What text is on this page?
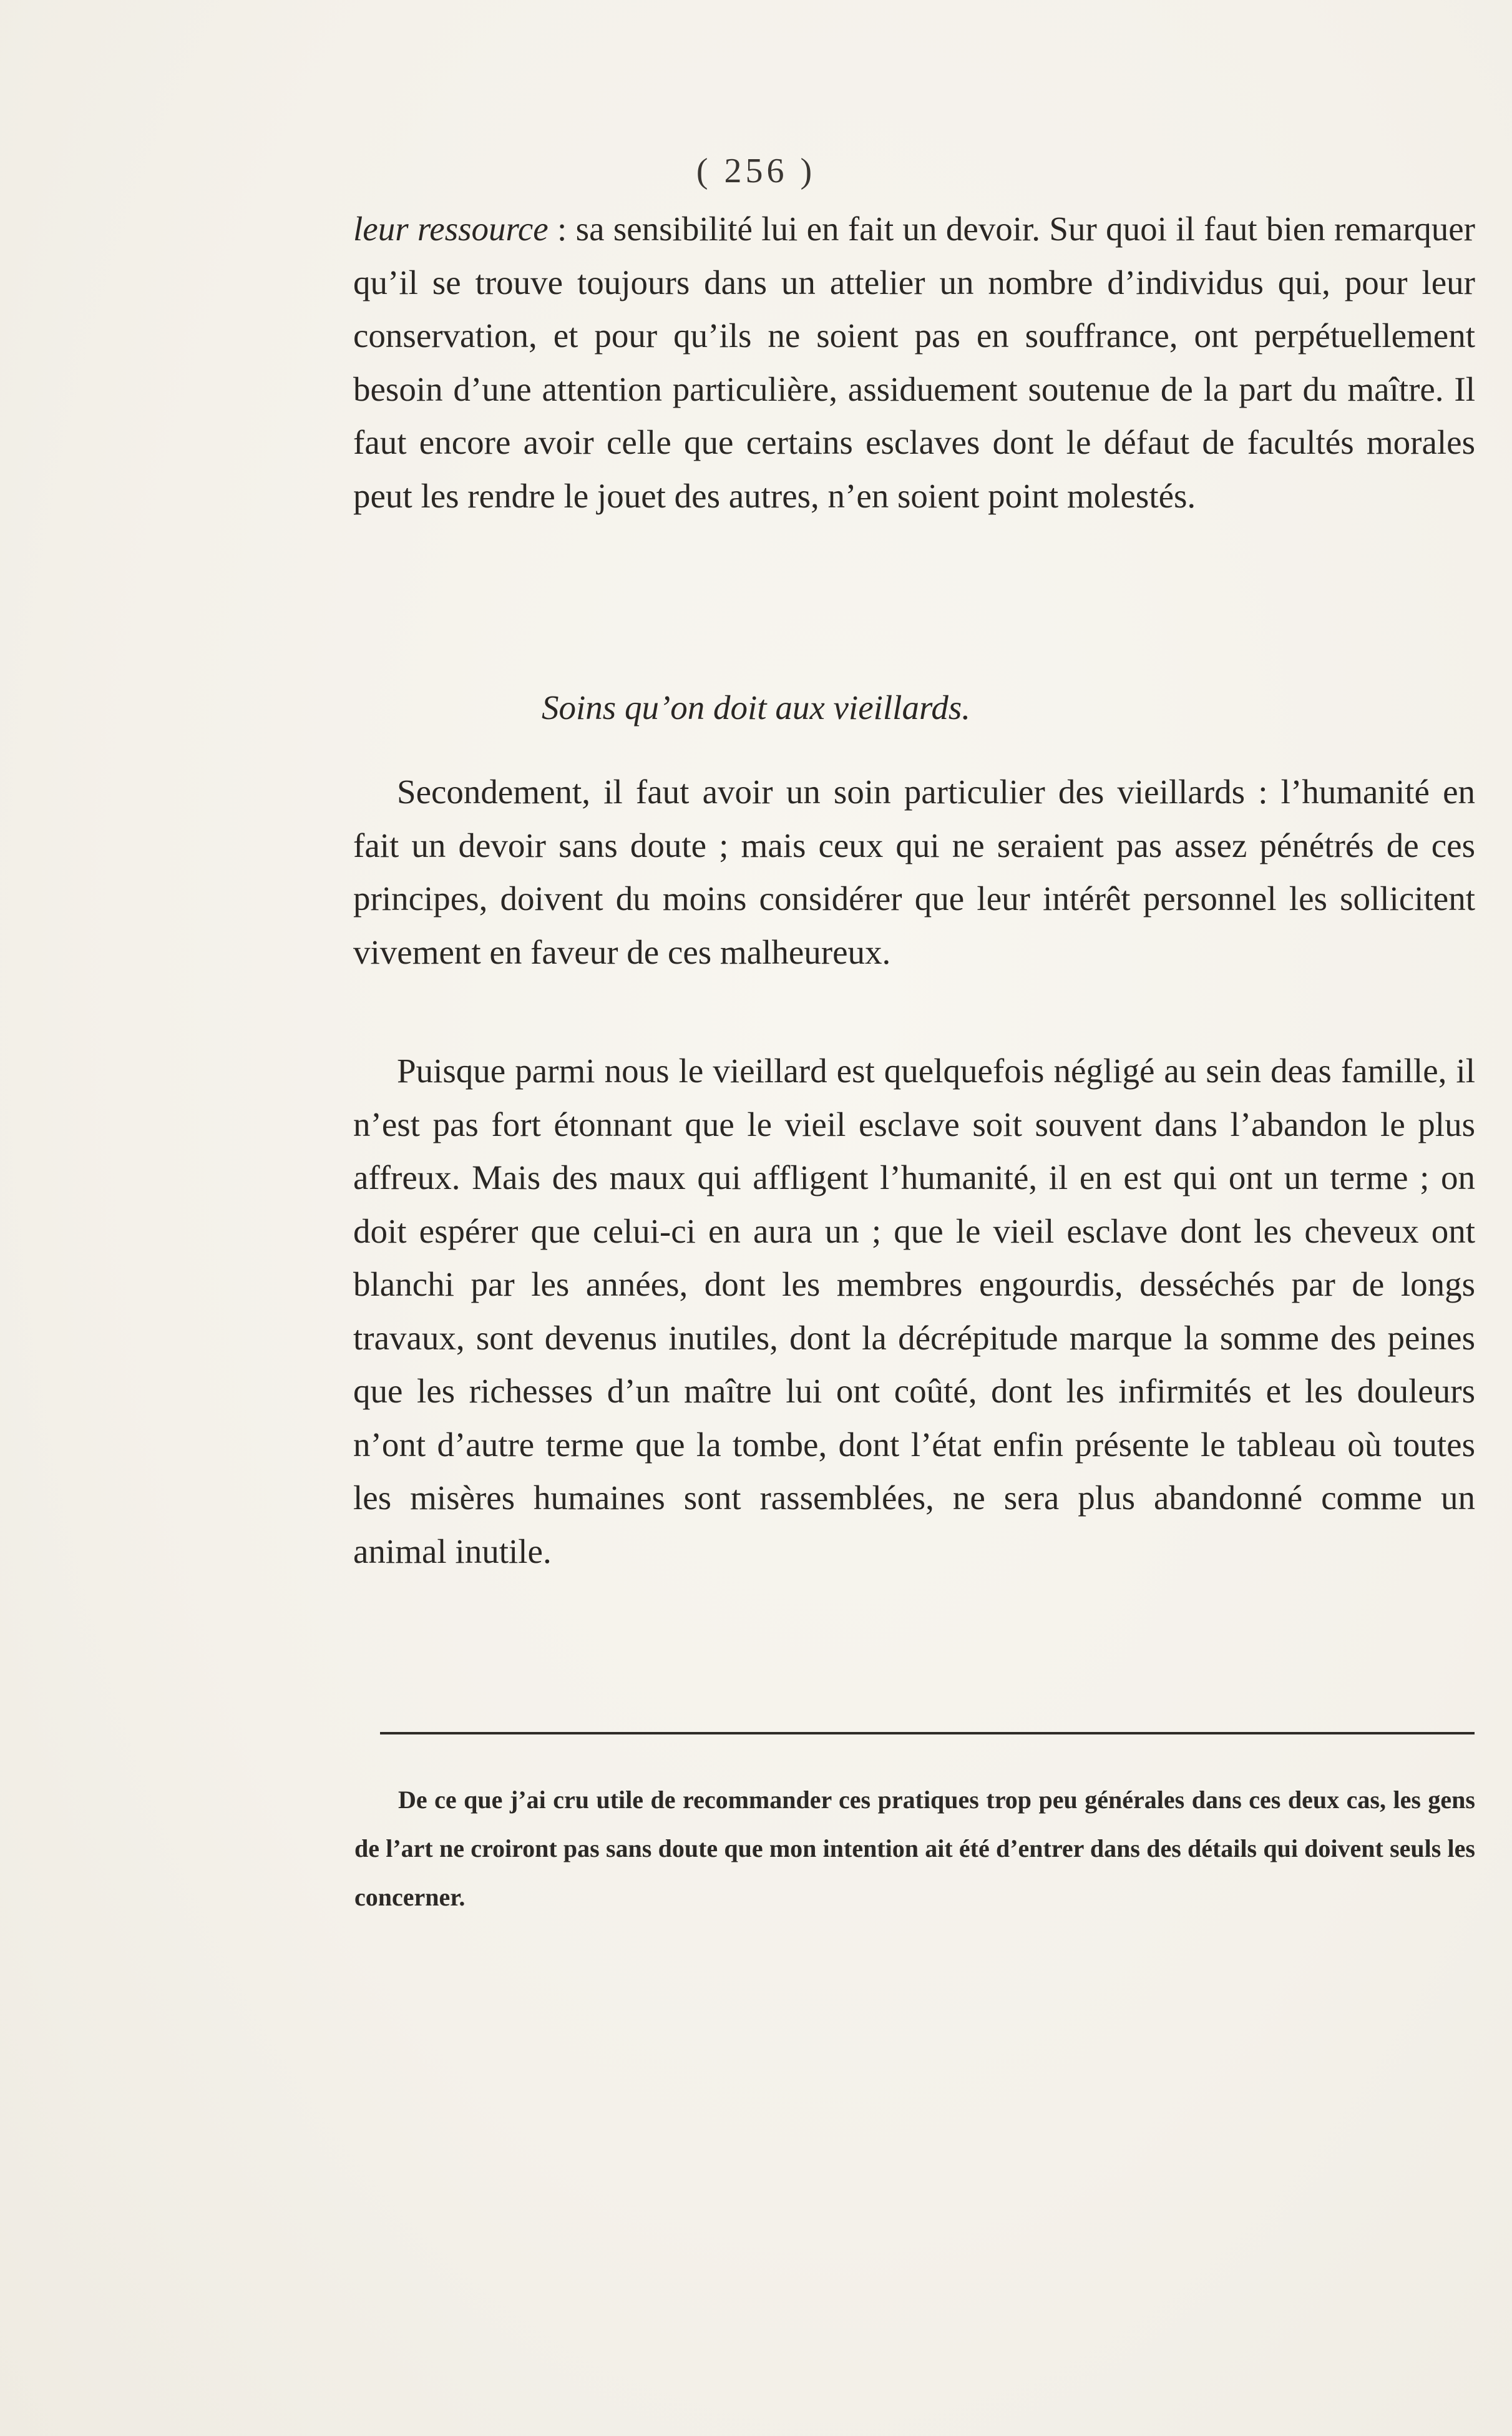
( 256 )

leur ressource : sa sensibilité lui en fait un devoir. Sur quoi il faut bien remarquer qu’il se trouve toujours dans un attelier un nombre d’individus qui, pour leur conservation, et pour qu’ils ne soient pas en souffrance, ont perpétuellement besoin d’une attention particulière, assiduement soutenue de la part du maître. Il faut encore avoir celle que certains esclaves dont le défaut de facultés morales peut les rendre le jouet des autres, n’en soient point molestés.

Soins qu’on doit aux vieillards.

Secondement, il faut avoir un soin particulier des vieillards : l’humanité en fait un devoir sans doute ; mais ceux qui ne seraient pas assez pénétrés de ces principes, doivent du moins considérer que leur intérêt personnel les sollicitent vivement en faveur de ces malheureux.

Puisque parmi nous le vieillard est quelquefois négligé au sein deas famille, il n’est pas fort étonnant que le vieil esclave soit souvent dans l’abandon le plus affreux. Mais des maux qui affligent l’humanité, il en est qui ont un terme ; on doit espérer que celui-ci en aura un ; que le vieil esclave dont les cheveux ont blanchi par les années, dont les membres engourdis, desséchés par de longs travaux, sont devenus inutiles, dont la décrépitude marque la somme des peines que les richesses d’un maître lui ont coûté, dont les infirmités et les douleurs n’ont d’autre terme que la tombe, dont l’état enfin présente le tableau où toutes les misères humaines sont rassemblées, ne sera plus abandonné comme un animal inutile.

De ce que j’ai cru utile de recommander ces pratiques trop peu générales dans ces deux cas, les gens de l’art ne croiront pas sans doute que mon intention ait été d’entrer dans des détails qui doivent seuls les concerner.
